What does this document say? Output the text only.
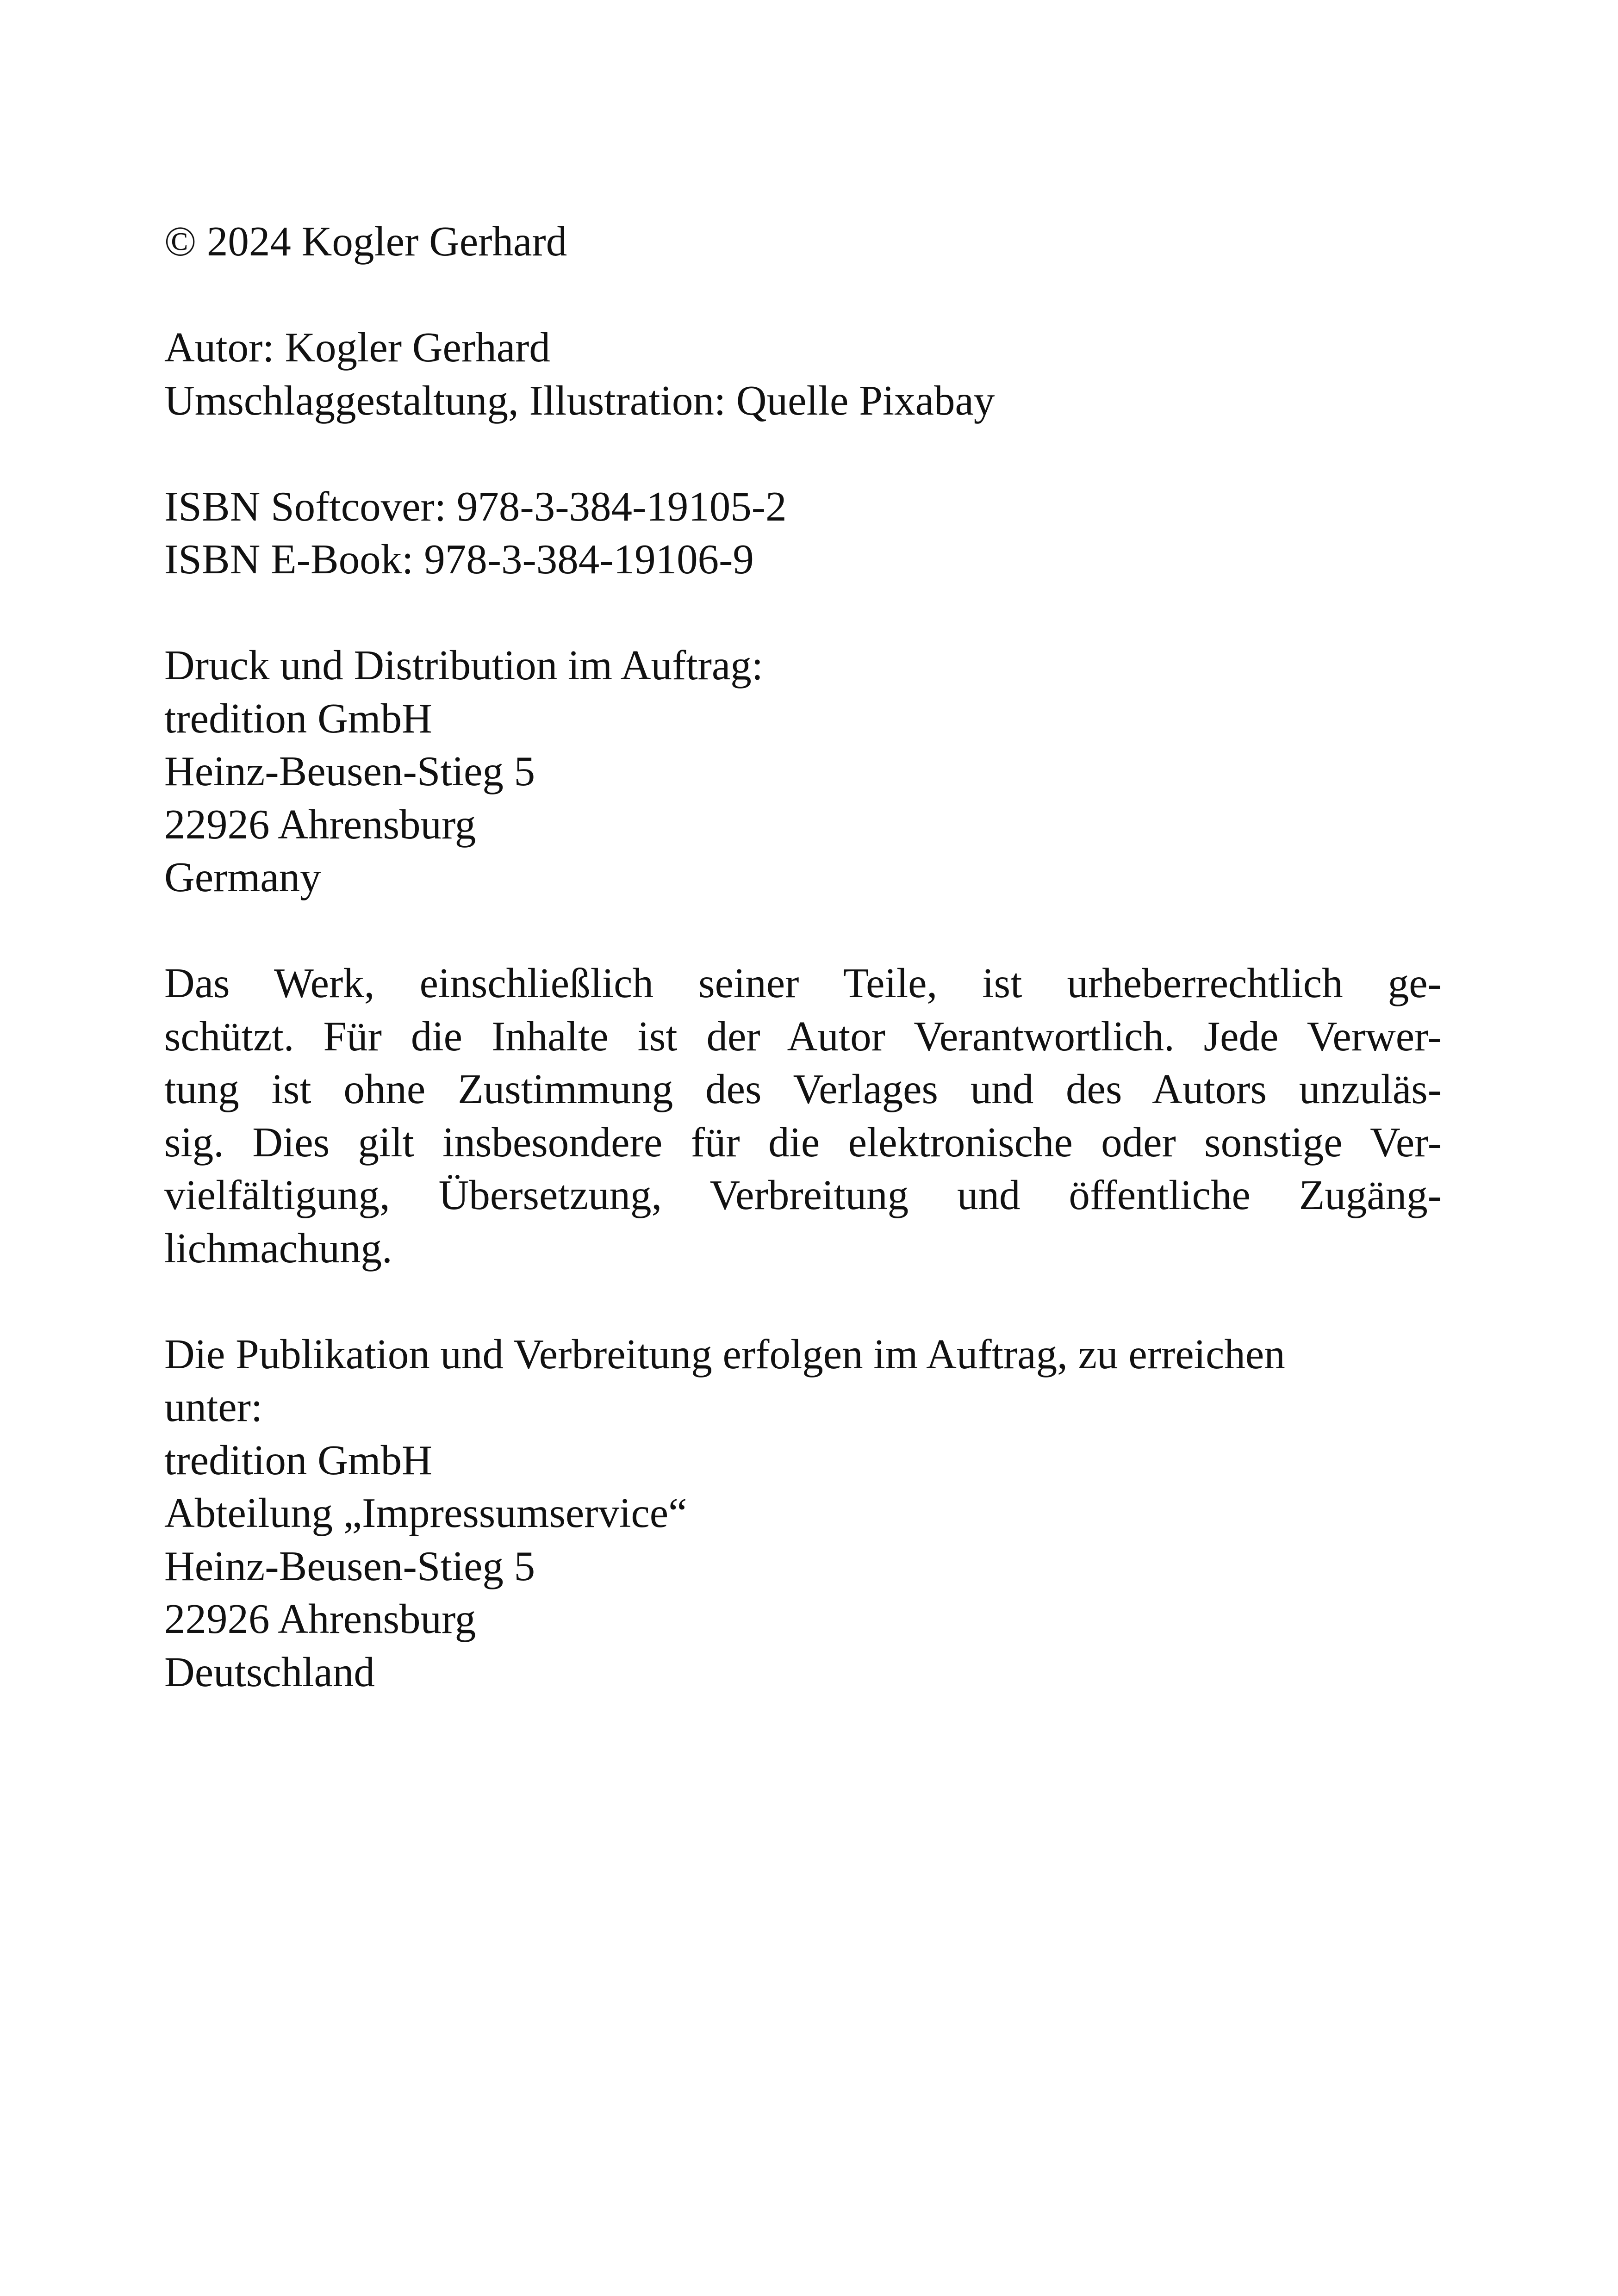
© 2024 Kogler Gerhard
Autor: Kogler Gerhard
Umschlaggestaltung, Illustration: Quelle Pixabay
ISBN Softcover: 978-3-384-19105-2
ISBN E-Book: 978-3-384-19106-9
Druck und Distribution im Auftrag:
tredition GmbH
Heinz-Beusen-Stieg 5
22926 Ahrensburg
Germany
Das Werk, einschließlich seiner Teile, ist urheberrechtlich ge-
schützt. Für die Inhalte ist der Autor Verantwortlich. Jede Verwer-
tung ist ohne Zustimmung des Verlages und des Autors unzuläs-
sig. Dies gilt insbesondere für die elektronische oder sonstige Ver-
vielfältigung, Übersetzung, Verbreitung und öffentliche Zugäng-
lichmachung.
Die Publikation und Verbreitung erfolgen im Auftrag, zu erreichen
unter:
tredition GmbH
Abteilung „Impressumservice“
Heinz-Beusen-Stieg 5
22926 Ahrensburg
Deutschland
